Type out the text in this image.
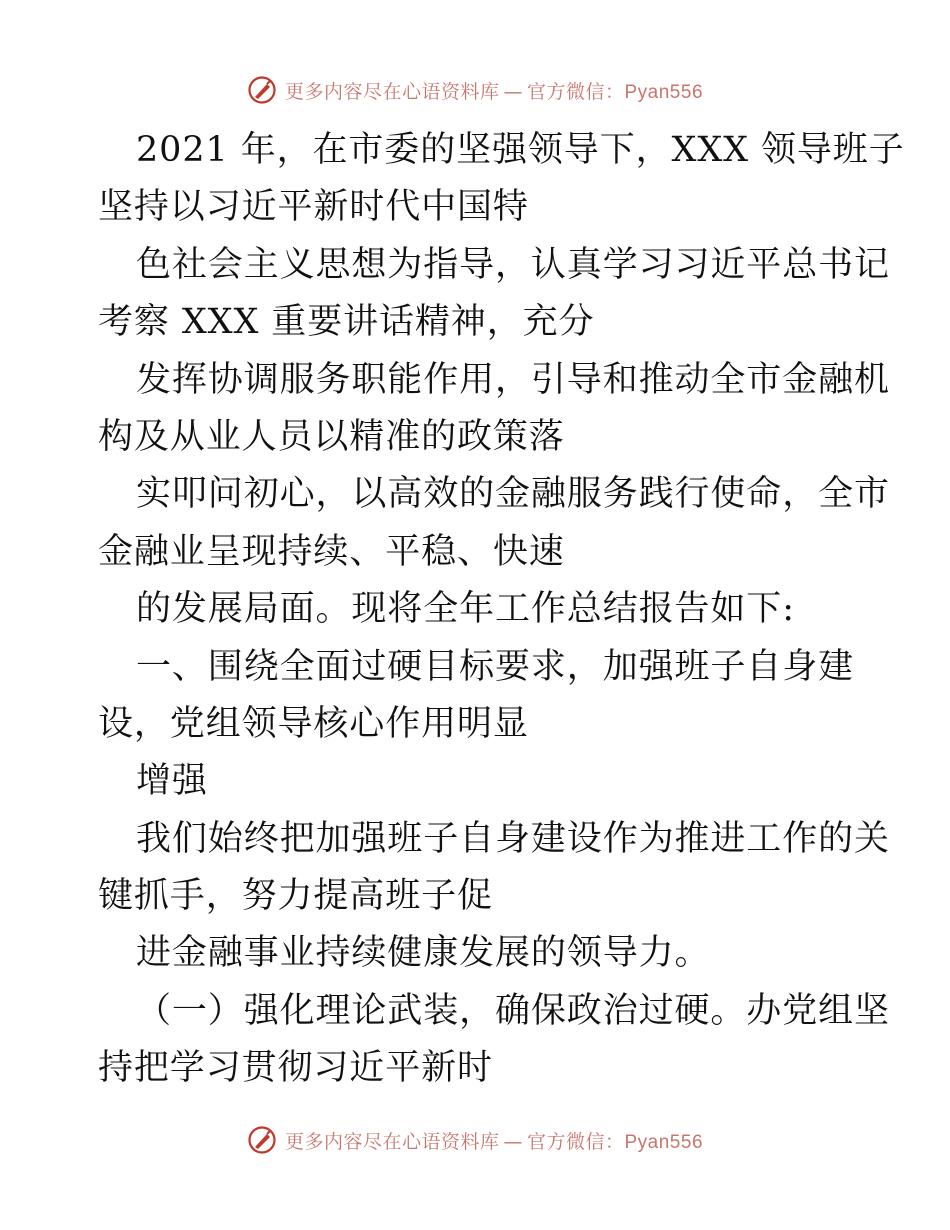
更多内容尽在心语资料库 — 官方微信：Pyan556
2021 年，在市委的坚强领导下，XXX 领导班子
坚持以习近平新时代中国特
色社会主义思想为指导，认真学习习近平总书记
考察 XXX 重要讲话精神，充分
发挥协调服务职能作用，引导和推动全市金融机
构及从业人员以精准的政策落
实叩问初心，以高效的金融服务践行使命，全市
金融业呈现持续、平稳、快速
的发展局面。现将全年工作总结报告如下:
一、围绕全面过硬目标要求，加强班子自身建
设，党组领导核心作用明显
增强
我们始终把加强班子自身建设作为推进工作的关
键抓手，努力提高班子促
进金融事业持续健康发展的领导力。
（一）强化理论武装，确保政治过硬。办党组坚
持把学习贯彻习近平新时
更多内容尽在心语资料库 — 官方微信：Pyan556
